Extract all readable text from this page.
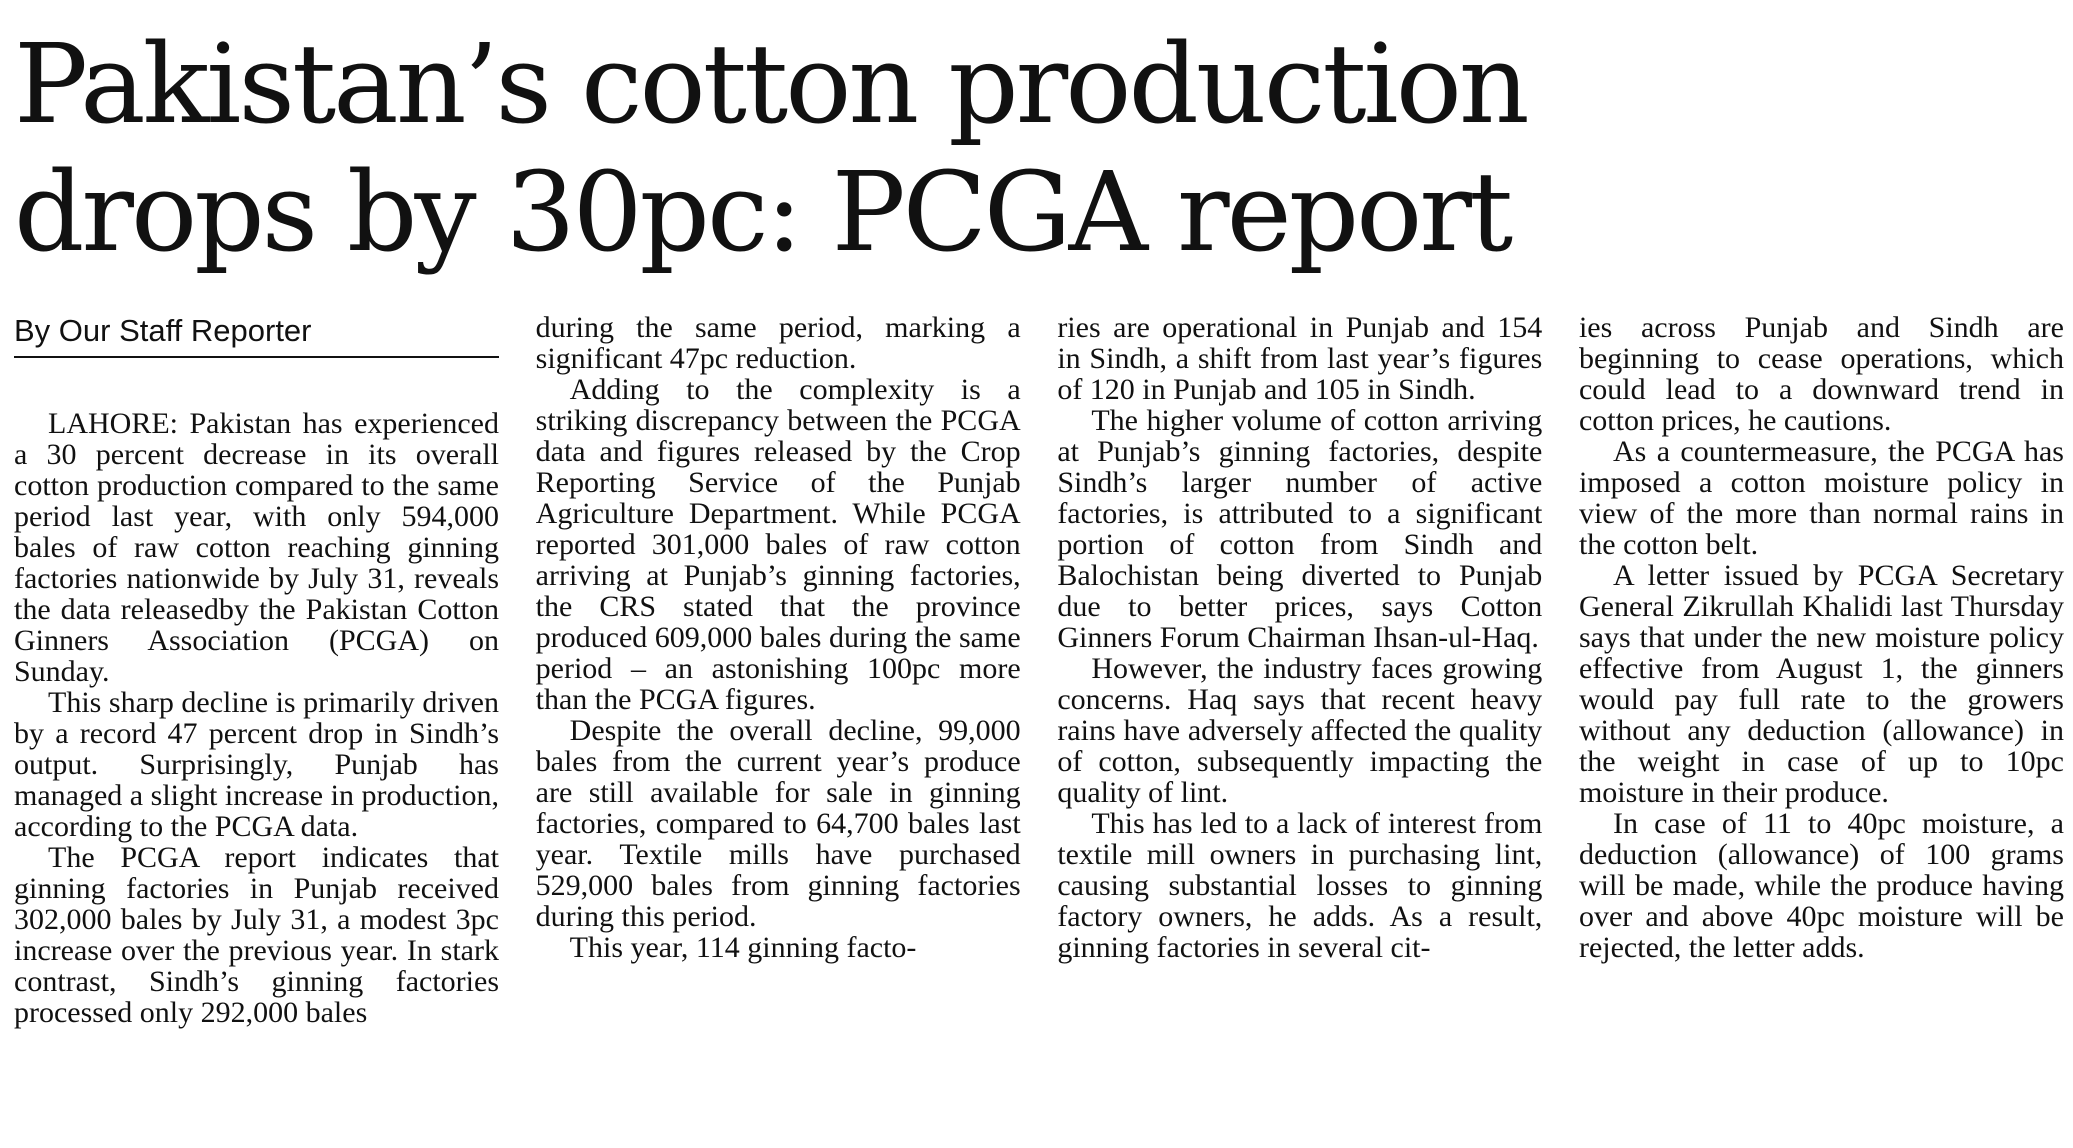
Pakistan’s cotton production
drops by 30pc: PCGA report
By Our Staff Reporter

LAHORE: Pakistan has experienced a 30 percent decrease in its overall cotton production compared to the same period last year, with only 594,000 bales of raw cotton reaching ginning factories nationwide by July 31, reveals the data releasedby the Pakistan Cotton Ginners Association (PCGA) on Sunday.

This sharp decline is primarily driven by a record 47 percent drop in Sindh’s output. Surprisingly, Punjab has managed a slight increase in production, according to the PCGA data.

The PCGA report indicates that ginning factories in Punjab received 302,000 bales by July 31, a modest 3pc increase over the previous year. In stark contrast, Sindh’s ginning factories processed only 292,000 bales

during the same period, marking a significant 47pc reduction.

Adding to the complexity is a striking discrepancy between the PCGA data and figures released by the Crop Reporting Service of the Punjab Agriculture Department. While PCGA reported 301,000 bales of raw cotton arriving at Punjab’s ginning factories, the CRS stated that the province produced 609,000 bales during the same period – an astonishing 100pc more than the PCGA figures.

Despite the overall decline, 99,000 bales from the current year’s produce are still available for sale in ginning factories, compared to 64,700 bales last year. Textile mills have purchased 529,000 bales from ginning factories during this period.

This year, 114 ginning facto-

ries are operational in Punjab and 154 in Sindh, a shift from last year’s figures of 120 in Punjab and 105 in Sindh.

The higher volume of cotton arriving at Punjab’s ginning factories, despite Sindh’s larger number of active factories, is attributed to a significant portion of cotton from Sindh and Balochistan being diverted to Punjab due to better prices, says Cotton Ginners Forum Chairman Ihsan-ul-Haq.

However, the industry faces growing concerns. Haq says that recent heavy rains have adversely affected the quality of cotton, subsequently impacting the quality of lint.

This has led to a lack of interest from textile mill owners in purchasing lint, causing substantial losses to ginning factory owners, he adds. As a result, ginning factories in several cit-

ies across Punjab and Sindh are beginning to cease operations, which could lead to a downward trend in cotton prices, he cautions.

As a countermeasure, the PCGA has imposed a cotton moisture policy in view of the more than normal rains in the cotton belt.

A letter issued by PCGA Secretary General Zikrullah Khalidi last Thursday says that under the new moisture policy effective from August 1, the ginners would pay full rate to the growers without any deduction (allowance) in the weight in case of up to 10pc moisture in their produce.

In case of 11 to 40pc moisture, a deduction (allowance) of 100 grams will be made, while the produce having over and above 40pc moisture will be rejected, the letter adds.
